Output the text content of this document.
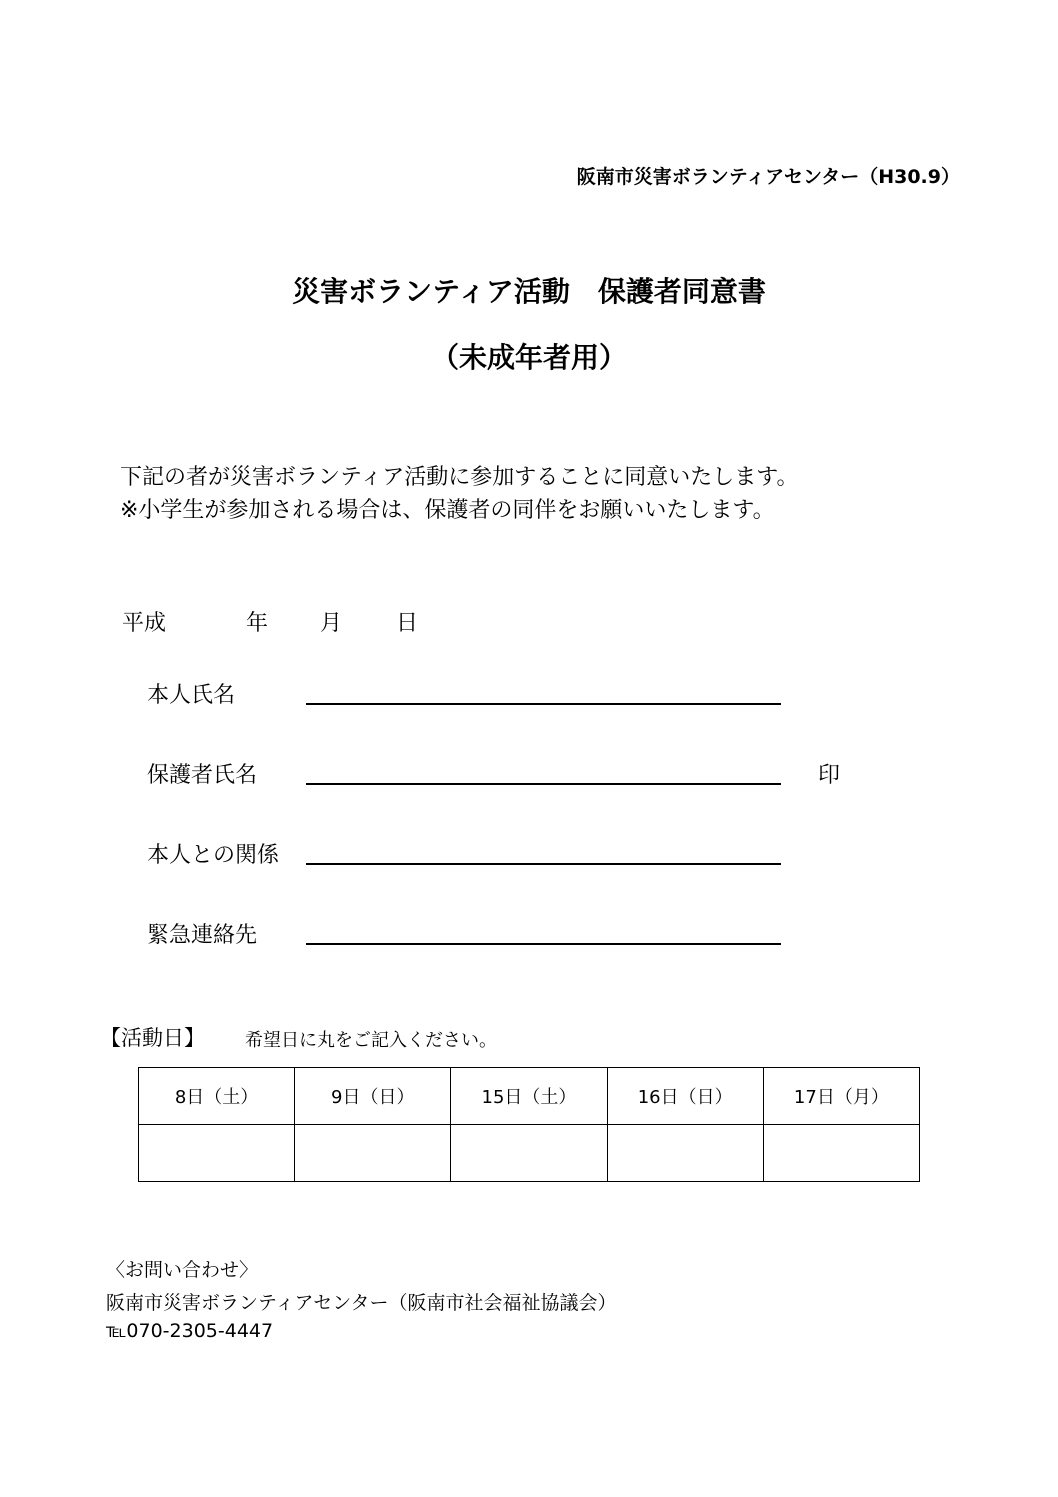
阪南市災害ボランティアセンター（H30.9）
災害ボランティア活動　保護者同意書
（未成年者用）
下記の者が災害ボランティア活動に参加することに同意いたします。
※小学生が参加される場合は、保護者の同伴をお願いいたします。
平成	年 月 日
本人氏名
保護者氏名	印
本人との関係
緊急連絡先
【活動日】 希望日に丸をご記入ください。
8日（土）	9日（日）	15日（土）	16日（日）	17日（月）

〈お問い合わせ〉
阪南市災害ボランティアセンター（阪南市社会福祉協議会）
℡070-2305-4447
